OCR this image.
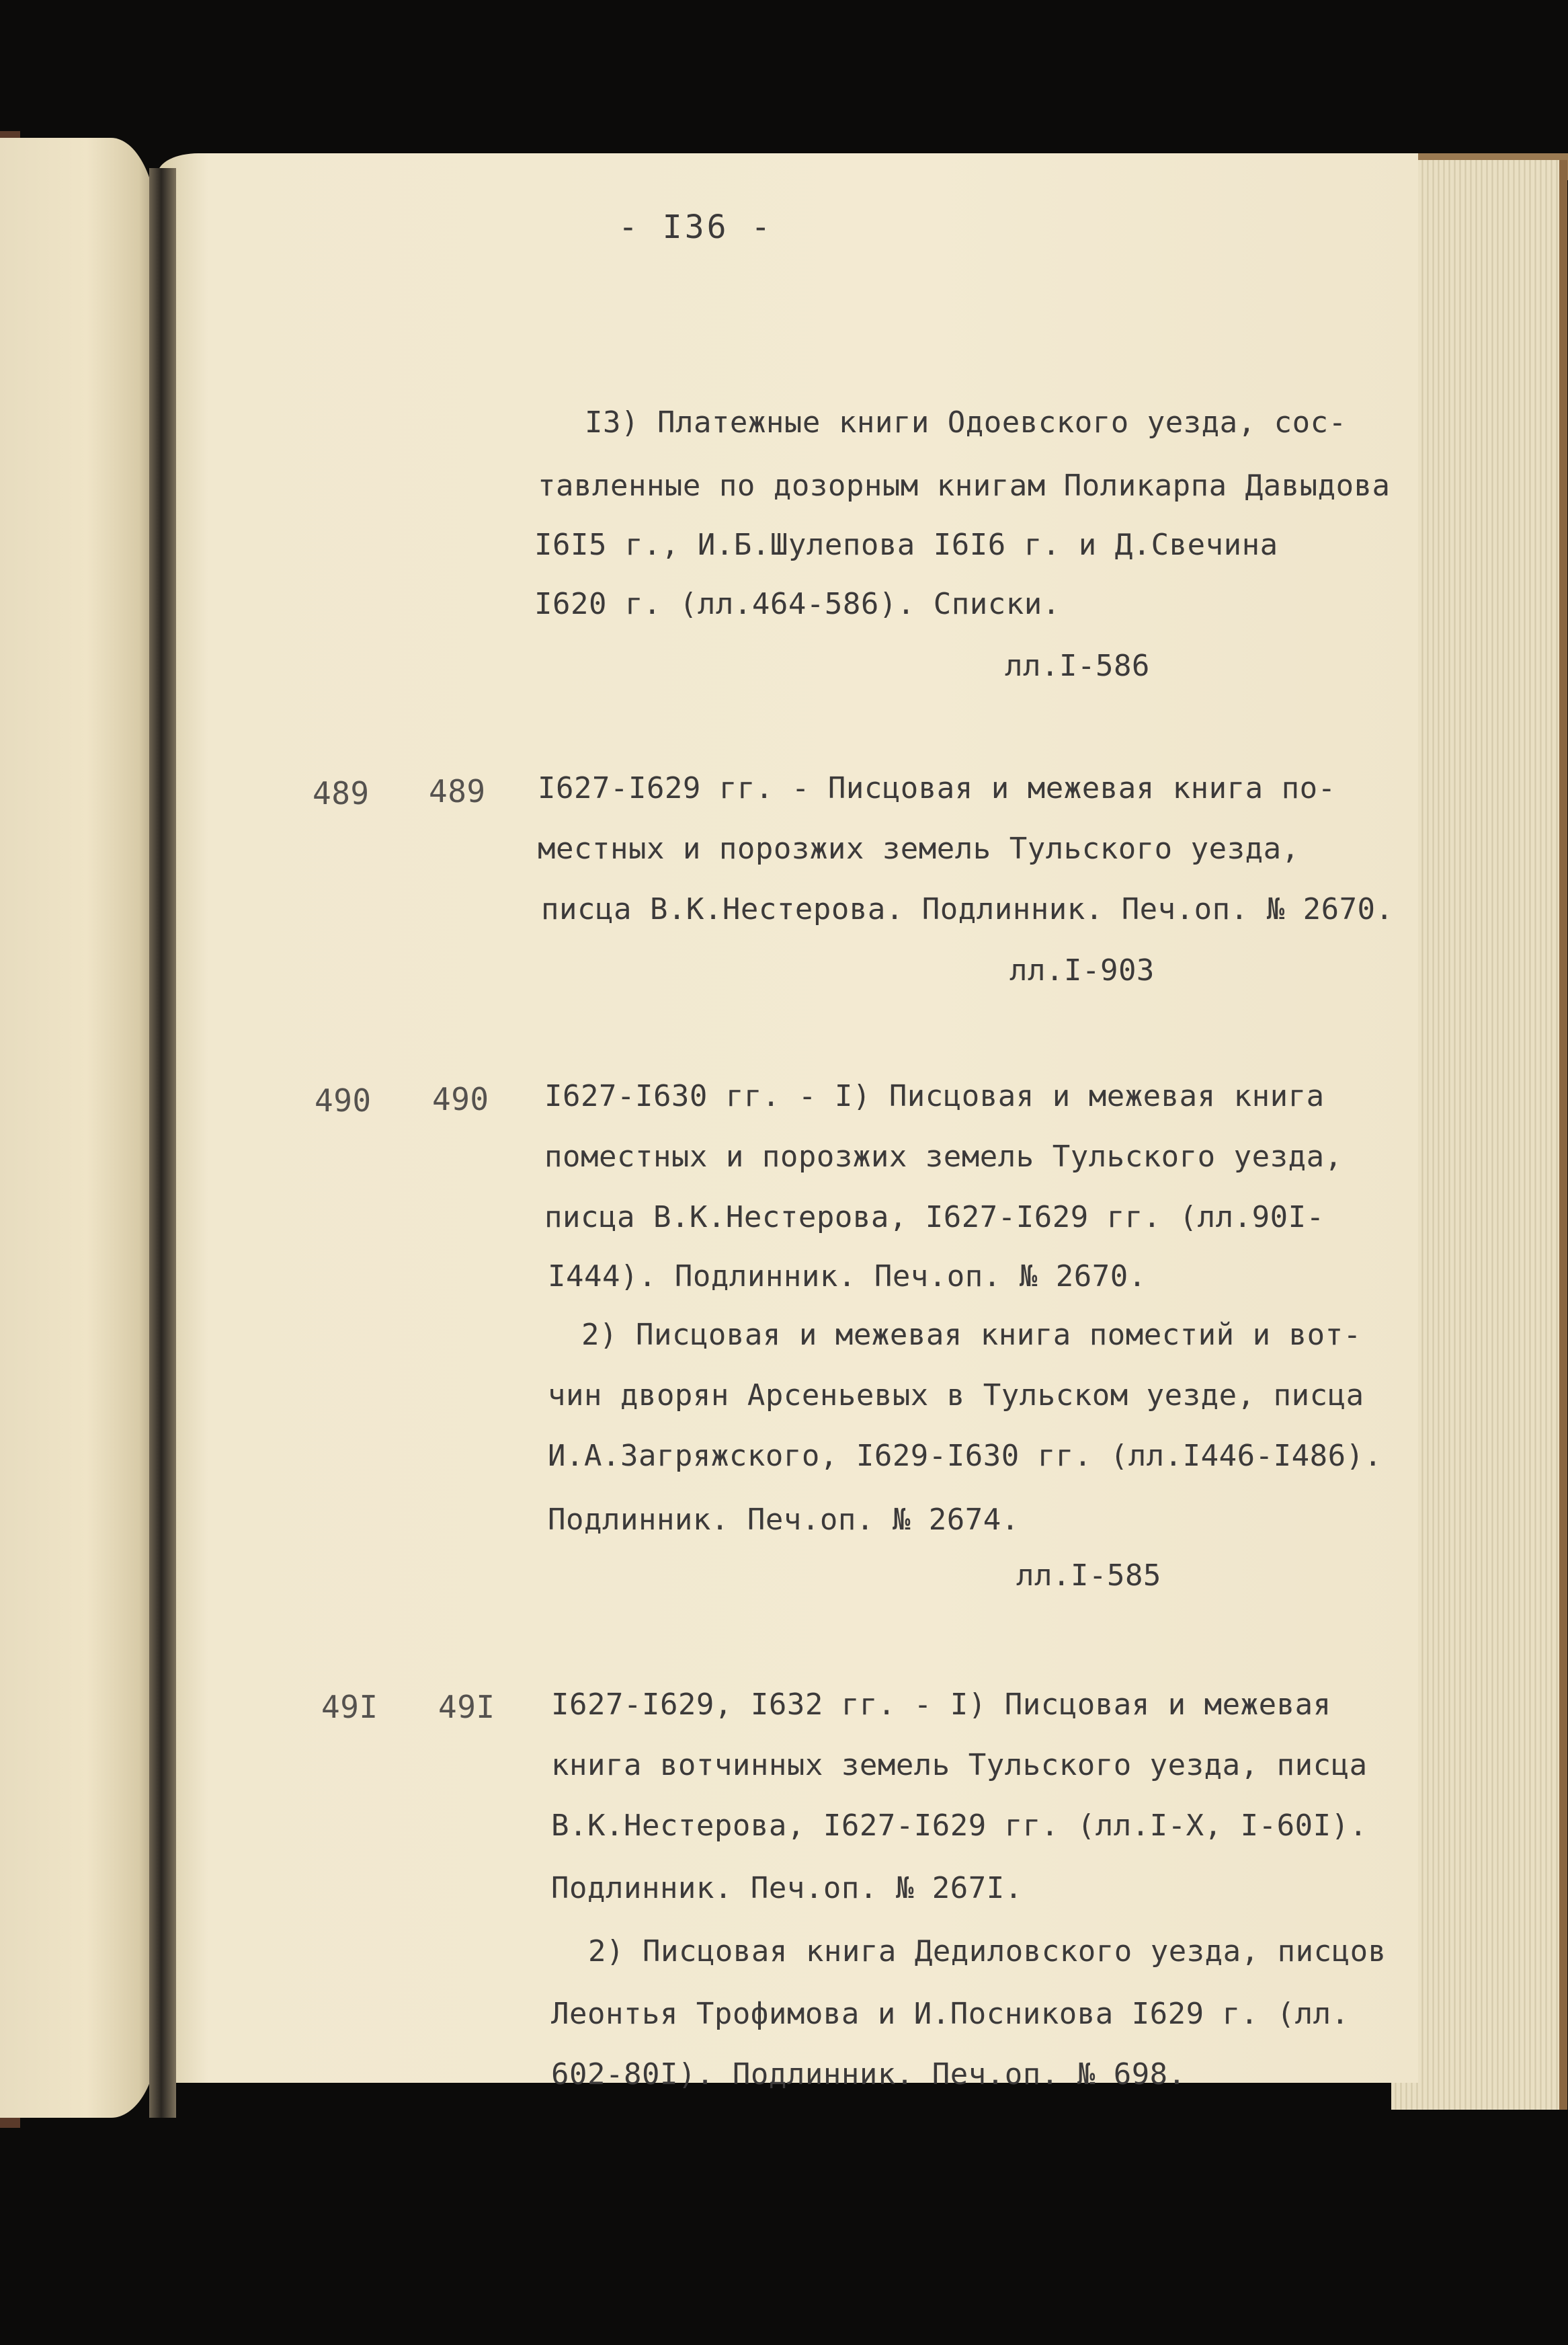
- I36 -
I3) Платежные книги Одоевского уезда, сос-
тавленные по дозорным книгам Поликарпа Давыдова
I6I5 г., И.Б.Шулепова I6I6 г. и Д.Свечина
I620 г. (лл.464-586). Списки.
лл.I-586
489 489 I627-I629 гг. - Писцовая и межевая книга по-
местных и порозжих земель Тульского уезда,
писца В.К.Нестерова. Подлинник. Печ.оп. № 2670.
лл.I-903
490 490 I627-I630 гг. - I) Писцовая и межевая книга
поместных и порозжих земель Тульского уезда,
писца В.К.Нестерова, I627-I629 гг. (лл.90I-
I444). Подлинник. Печ.оп. № 2670.
2) Писцовая и межевая книга поместий и вот-
чин дворян Арсеньевых в Тульском уезде, писца
И.А.Загряжского, I629-I630 гг. (лл.I446-I486).
Подлинник. Печ.оп. № 2674.
лл.I-585
49I 49I I627-I629, I632 гг. - I) Писцовая и межевая
книга вотчинных земель Тульского уезда, писца
В.К.Нестерова, I627-I629 гг. (лл.I-X, I-60I).
Подлинник. Печ.оп. № 267I.
2) Писцовая книга Дедиловского уезда, писцов
Леонтья Трофимова и И.Посникова I629 г. (лл.
602-80I). Подлинник. Печ.оп. № 698.
